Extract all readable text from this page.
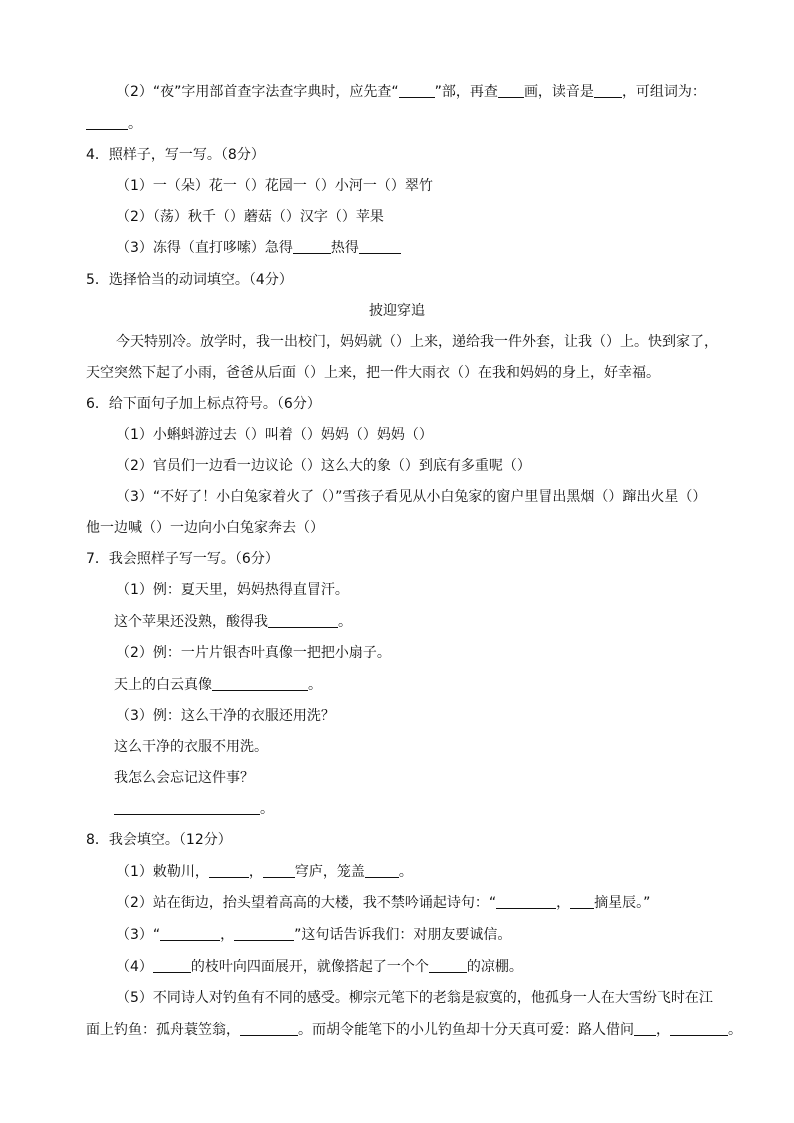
（2）“夜”字用部首查字法查字典时，应先查“	”部，再查 画，读音是 ，可组词为：
。
4．照样子，写一写。（8分）
（1）一（朵）花一（）花园一（）小河一（）翠竹
（2）（荡）秋千（）蘑菇（）汉字（）苹果
（3）冻得（直打哆嗦）急得	热得
5．选择恰当的动词填空。（4分）
披迎穿追
今天特别冷。放学时，我一出校门，妈妈就（）上来，递给我一件外套，让我（）上。快到家了，
天空突然下起了小雨，爸爸从后面（）上来，把一件大雨衣（）在我和妈妈的身上，好幸福。
6．给下面句子加上标点符号。（6分）
（1）小蝌蚪游过去（）叫着（）妈妈（）妈妈（）
（2）官员们一边看一边议论（）这么大的象（）到底有多重呢（）
（3）“不好了！小白兔家着火了（）”雪孩子看见从小白兔家的窗户里冒出黑烟（）蹿出火星（）
他一边喊（）一边向小白兔家奔去（）
7．我会照样子写一写。（6分）
（1）例：夏天里，妈妈热得直冒汗。
这个苹果还没熟，酸得我	。
（2）例：一片片银杏叶真像一把把小扇子。
天上的白云真像	。
（3）例：这么干净的衣服还用洗？
这么干净的衣服不用洗。
我怎么会忘记这件事？
。
8．我会填空。（12分）
（1）敕勒川，	， 穹庐，笼盖 。
（2）站在街边，抬头望着高高的大楼，我不禁吟诵起诗句：“	， 摘星辰。”
（3）“	，	”这句话告诉我们：对朋友要诚信。
（4）	的枝叶向四面展开，就像搭起了一个个	的凉棚。
（5）不同诗人对钓鱼有不同的感受。柳宗元笔下的老翁是寂寞的，他孤身一人在大雪纷飞时在江
面上钓鱼：孤舟蓑笠翁，	。而胡令能笔下的小儿钓鱼却十分天真可爱：路人借问 ，	。
